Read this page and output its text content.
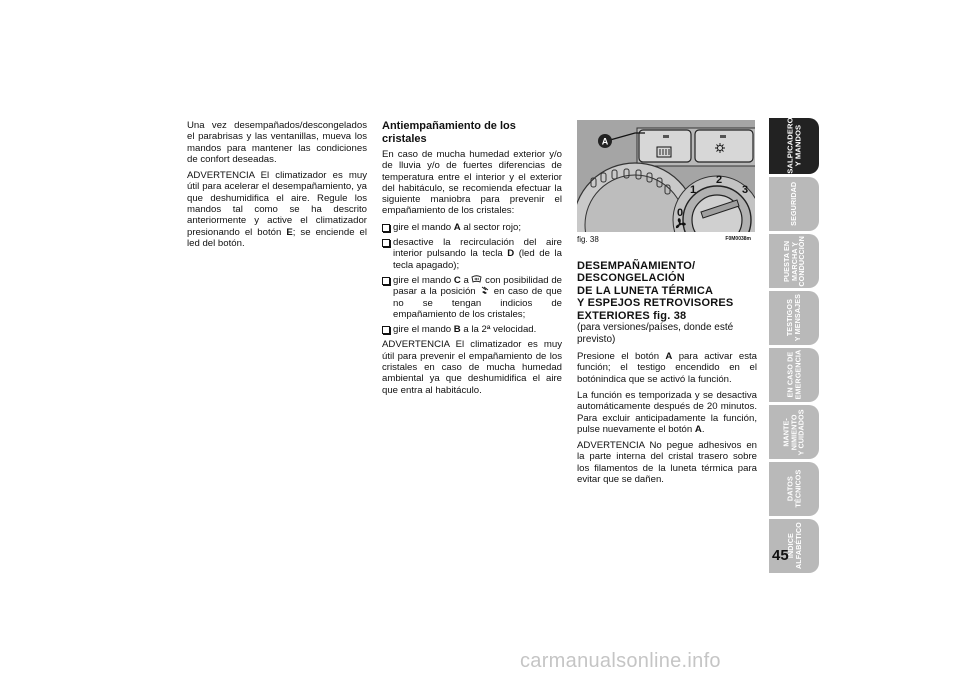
Una vez desempañados/descongelados el parabrisas y las ventanillas, mueva los mandos para mantener las condiciones de confort deseadas.

ADVERTENCIA El climatizador es muy útil para acelerar el desempañamiento, ya que deshumidifica el aire. Regule los mandos tal como se ha descrito anteriormente y active el climatizador presionando el botón E; se enciende el led del botón.

Antiempañamiento de los cristales

En caso de mucha humedad exterior y/o de lluvia y/o de fuertes diferencias de temperatura entre el interior y el exterior del habitáculo, se recomienda efectuar la siguiente maniobra para prevenir el empañamiento de los cristales:

gire el mando A al sector rojo;
desactive la recirculación del aire interior pulsando la tecla D (led de la tecla apagado);
gire el mando C a  con posibilidad de pasar a la posición  en caso de que no se tengan indicios de empañamiento de los cristales;
gire el mando B a la 2ª velocidad.

ADVERTENCIA El climatizador es muy útil para prevenir el empañamiento de los cristales en caso de mucha humedad ambiental ya que deshumidifica el aire que entra al habitáculo.

A
1
2
3
0
fig. 38	F0M0038m

DESEMPAÑAMIENTO/

DESCONGELACIÓN

DE LA LUNETA TÉRMICA

Y ESPEJOS RETROVISORES

EXTERIORES fig. 38

(para versiones/países, donde esté previsto)

Presione el botón A para activar esta función; el testigo encendido en el botónindica que se activó la función.

La función es temporizada y se desactiva automáticamente después de 20 minutos. Para excluir anticipadamente la función, pulse nuevamente el botón A.

ADVERTENCIA No pegue adhesivos en la parte interna del cristal trasero sobre los filamentos de la luneta térmica para evitar que se dañen.

SALPICADERO
Y MANDOS
SEGURIDAD
PUESTA EN
MARCHA Y
CONDUCCIÓN
TESTIGOS
Y MENSAJES
EN CASO DE
EMERGENCIA
MANTE-
NIMIENTO
Y CUIDADOS
DATOS
TÉCNICOS
ÍNDICE
ALFABÉTICO
45
carmanualsonline.info
